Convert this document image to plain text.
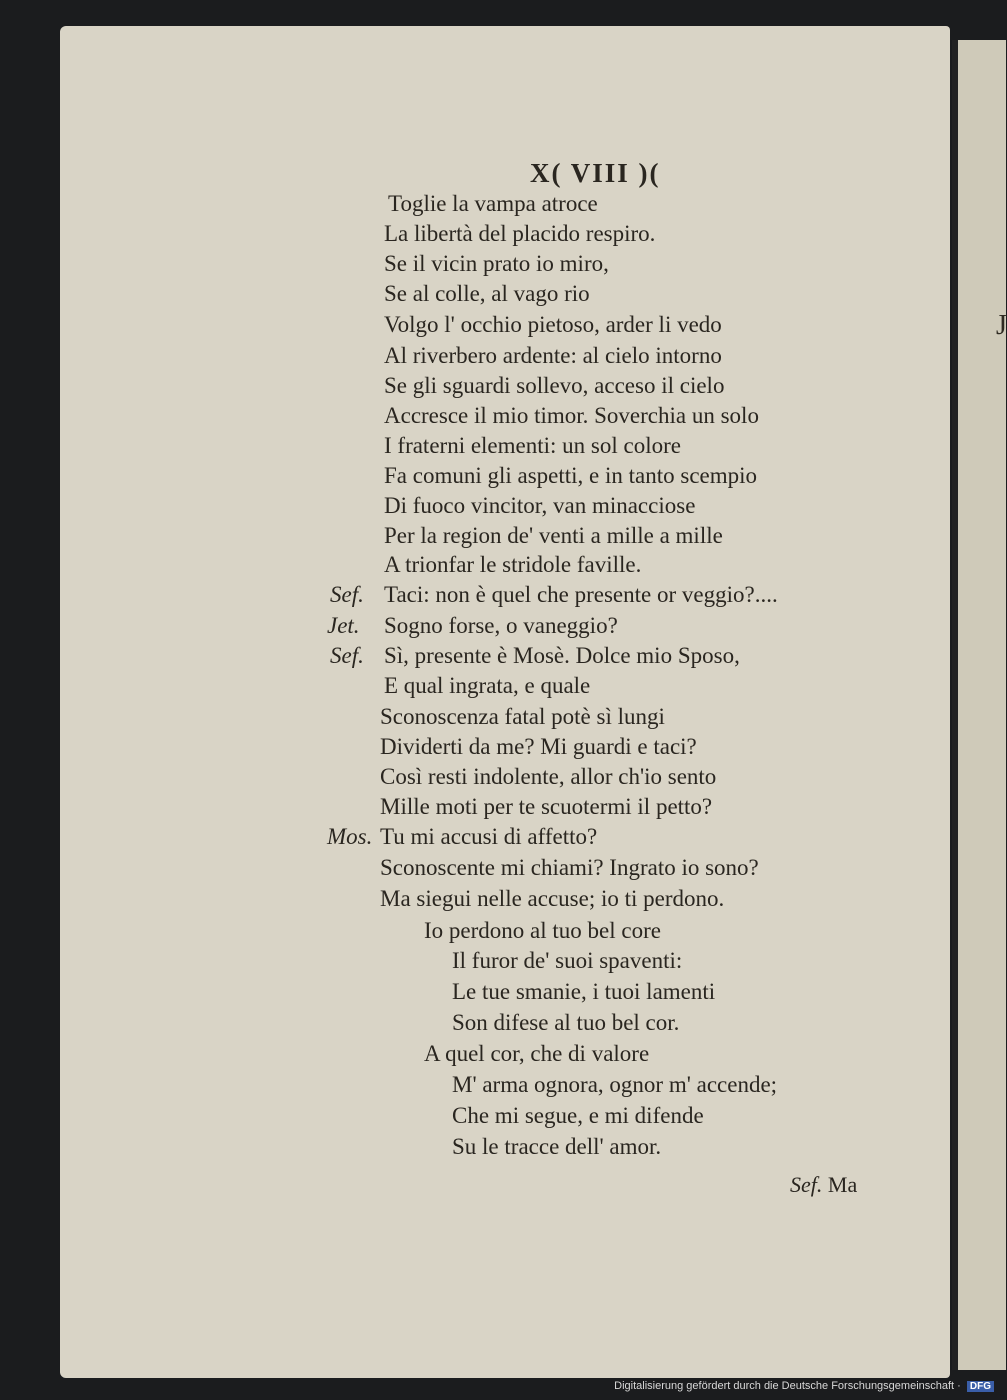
J
X( VIII )(
Toglie la vampa atroce
La libertà del placido respiro.
Se il vicin prato io miro,
Se al colle, al vago rio
Volgo l' occhio pietoso, arder li vedo
Al riverbero ardente: al cielo intorno
Se gli sguardi sollevo, acceso il cielo
Accresce il mio timor. Soverchia un solo
I fraterni elementi: un sol colore
Fa comuni gli aspetti, e in tanto scempio
Di fuoco vincitor, van minacciose
Per la region de' venti a mille a mille
A trionfar le stridole faville.
Sef. Taci: non è quel che presente or veggio?....
Jet. Sogno forse, o vaneggio?
Sef. Sì, presente è Mosè. Dolce mio Sposo,
E qual ingrata, e quale
Sconoscenza fatal potè sì lungi
Dividerti da me? Mi guardi e taci?
Così resti indolente, allor ch'io sento
Mille moti per te scuotermi il petto?
Mos. Tu mi accusi di affetto?
Sconoscente mi chiami? Ingrato io sono?
Ma siegui nelle accuse; io ti perdono.
Io perdono al tuo bel core
Il furor de' suoi spaventi:
Le tue smanie, i tuoi lamenti
Son difese al tuo bel cor.
A quel cor, che di valore
M' arma ognora, ognor m' accende;
Che mi segue, e mi difende
Su le tracce dell' amor.
Sef. Ma
Digitalisierung gefördert durch die Deutsche Forschungsgemeinschaft · DFG
